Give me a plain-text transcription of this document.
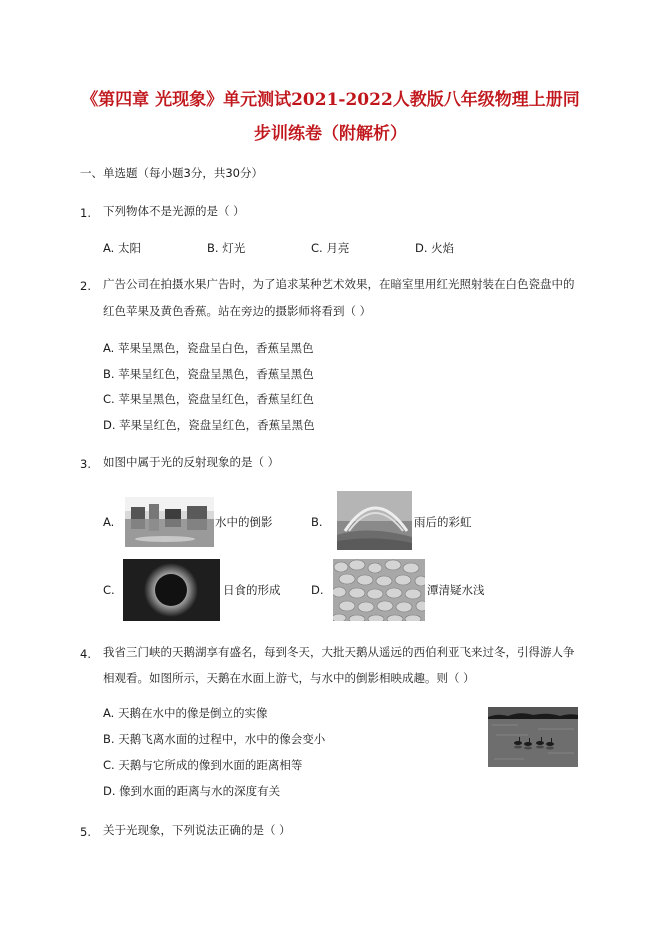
《第四章 光现象》单元测试2021-2022人教版八年级物理上册同
步训练卷（附解析）
一、单选题（每小题3分，共30分）
1. 下列物体不是光源的是（ ）
A. 太阳	B. 灯光	C. 月亮	D. 火焰
2. 广告公司在拍摄水果广告时，为了追求某种艺术效果，在暗室里用红光照射装在白色瓷盘中的
红色苹果及黄色香蕉。站在旁边的摄影师将看到（ ）
A. 苹果呈黑色，瓷盘呈白色，香蕉呈黑色
B. 苹果呈红色，瓷盘呈黑色，香蕉呈黑色
C. 苹果呈黑色，瓷盘呈红色，香蕉呈红色
D. 苹果呈红色，瓷盘呈红色，香蕉呈黑色
3. 如图中属于光的反射现象的是（ ）
A.	水中的倒影	B.	雨后的彩虹
C.	日食的形成	D.	潭清疑水浅
4. 我省三门峡的天鹅湖享有盛名，每到冬天，大批天鹅从遥远的西伯利亚飞来过冬，引得游人争
相观看。如图所示，天鹅在水面上游弋，与水中的倒影相映成趣。则（ ）
A. 天鹅在水中的像是倒立的实像
B. 天鹅飞离水面的过程中，水中的像会变小
C. 天鹅与它所成的像到水面的距离相等
D. 像到水面的距离与水的深度有关
5. 关于光现象，下列说法正确的是（ ）
